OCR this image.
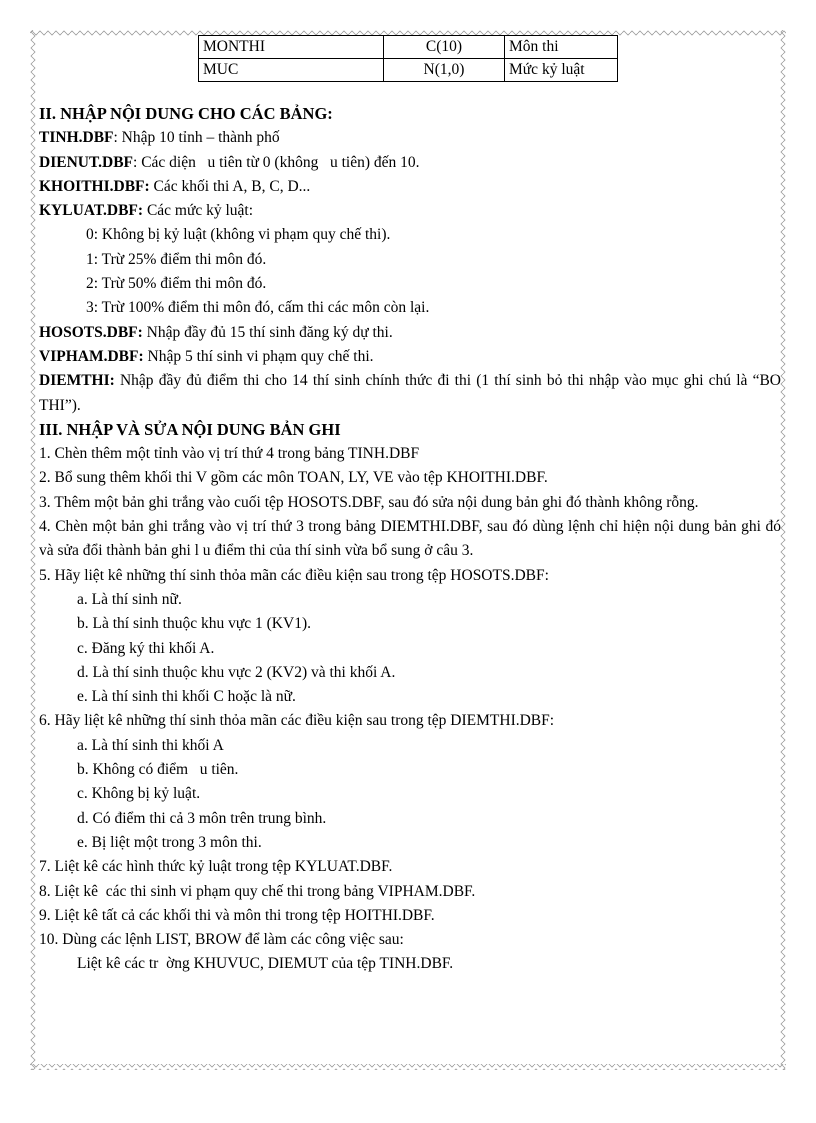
MONTHI	C(10)	Môn thi
MUC	N(1,0)	Mức kỷ luật
II. NHẬP NỘI DUNG CHO CÁC BẢNG:
TINH.DBF: Nhập 10 tỉnh – thành phố
DIENUT.DBF: Các diện   u tiên từ 0 (không   u tiên) đến 10.
KHOITHI.DBF: Các khối thi A, B, C, D...
KYLUAT.DBF: Các mức kỷ luật:
0: Không bị kỷ luật (không vi phạm quy chế thi).
1: Trừ 25% điểm thi môn đó.
2: Trừ 50% điểm thi môn đó.
3: Trừ 100% điểm thi môn đó, cấm thi các môn còn lại.
HOSOTS.DBF: Nhập đầy đủ 15 thí sinh đăng ký dự thi.
VIPHAM.DBF: Nhập 5 thí sinh vi phạm quy chế thi.
DIEMTHI: Nhập đầy đủ điểm thi cho 14 thí sinh chính thức đi thi (1 thí sinh bỏ thi nhập vào mục ghi chú là “BO THI”).
III. NHẬP VÀ SỬA NỘI DUNG BẢN GHI
1. Chèn thêm một tỉnh vào vị trí thứ 4 trong bảng TINH.DBF
2. Bổ sung thêm khối thi V gồm các môn TOAN, LY, VE vào tệp KHOITHI.DBF.
3. Thêm một bản ghi trắng vào cuối tệp HOSOTS.DBF, sau đó sửa nội dung bản ghi đó thành không rỗng.
4. Chèn một bản ghi trắng vào vị trí thứ 3 trong bảng DIEMTHI.DBF, sau đó dùng lệnh chỉ hiện nội dung bản ghi đó và sửa đổi thành bản ghi l u điểm thi của thí sinh vừa bổ sung ở câu 3.
5. Hãy liệt kê những thí sinh thỏa mãn các điều kiện sau trong tệp HOSOTS.DBF:
a. Là thí sinh nữ.
b. Là thí sinh thuộc khu vực 1 (KV1).
c. Đăng ký thi khối A.
d. Là thí sinh thuộc khu vực 2 (KV2) và thi khối A.
e. Là thí sinh thi khối C hoặc là nữ.
6. Hãy liệt kê những thí sinh thỏa mãn các điều kiện sau trong tệp DIEMTHI.DBF:
a. Là thí sinh thi khối A
b. Không có điểm   u tiên.
c. Không bị kỷ luật.
d. Có điểm thi cả 3 môn trên trung bình.
e. Bị liệt một trong 3 môn thi.
7. Liệt kê các hình thức kỷ luật trong tệp KYLUAT.DBF.
8. Liệt kê  các thi sinh vi phạm quy chế thi trong bảng VIPHAM.DBF.
9. Liệt kê tất cả các khối thi và môn thi trong tệp HOITHI.DBF.
10. Dùng các lệnh LIST, BROW để làm các công việc sau:
Liệt kê các tr  ờng KHUVUC, DIEMUT của tệp TINH.DBF.
